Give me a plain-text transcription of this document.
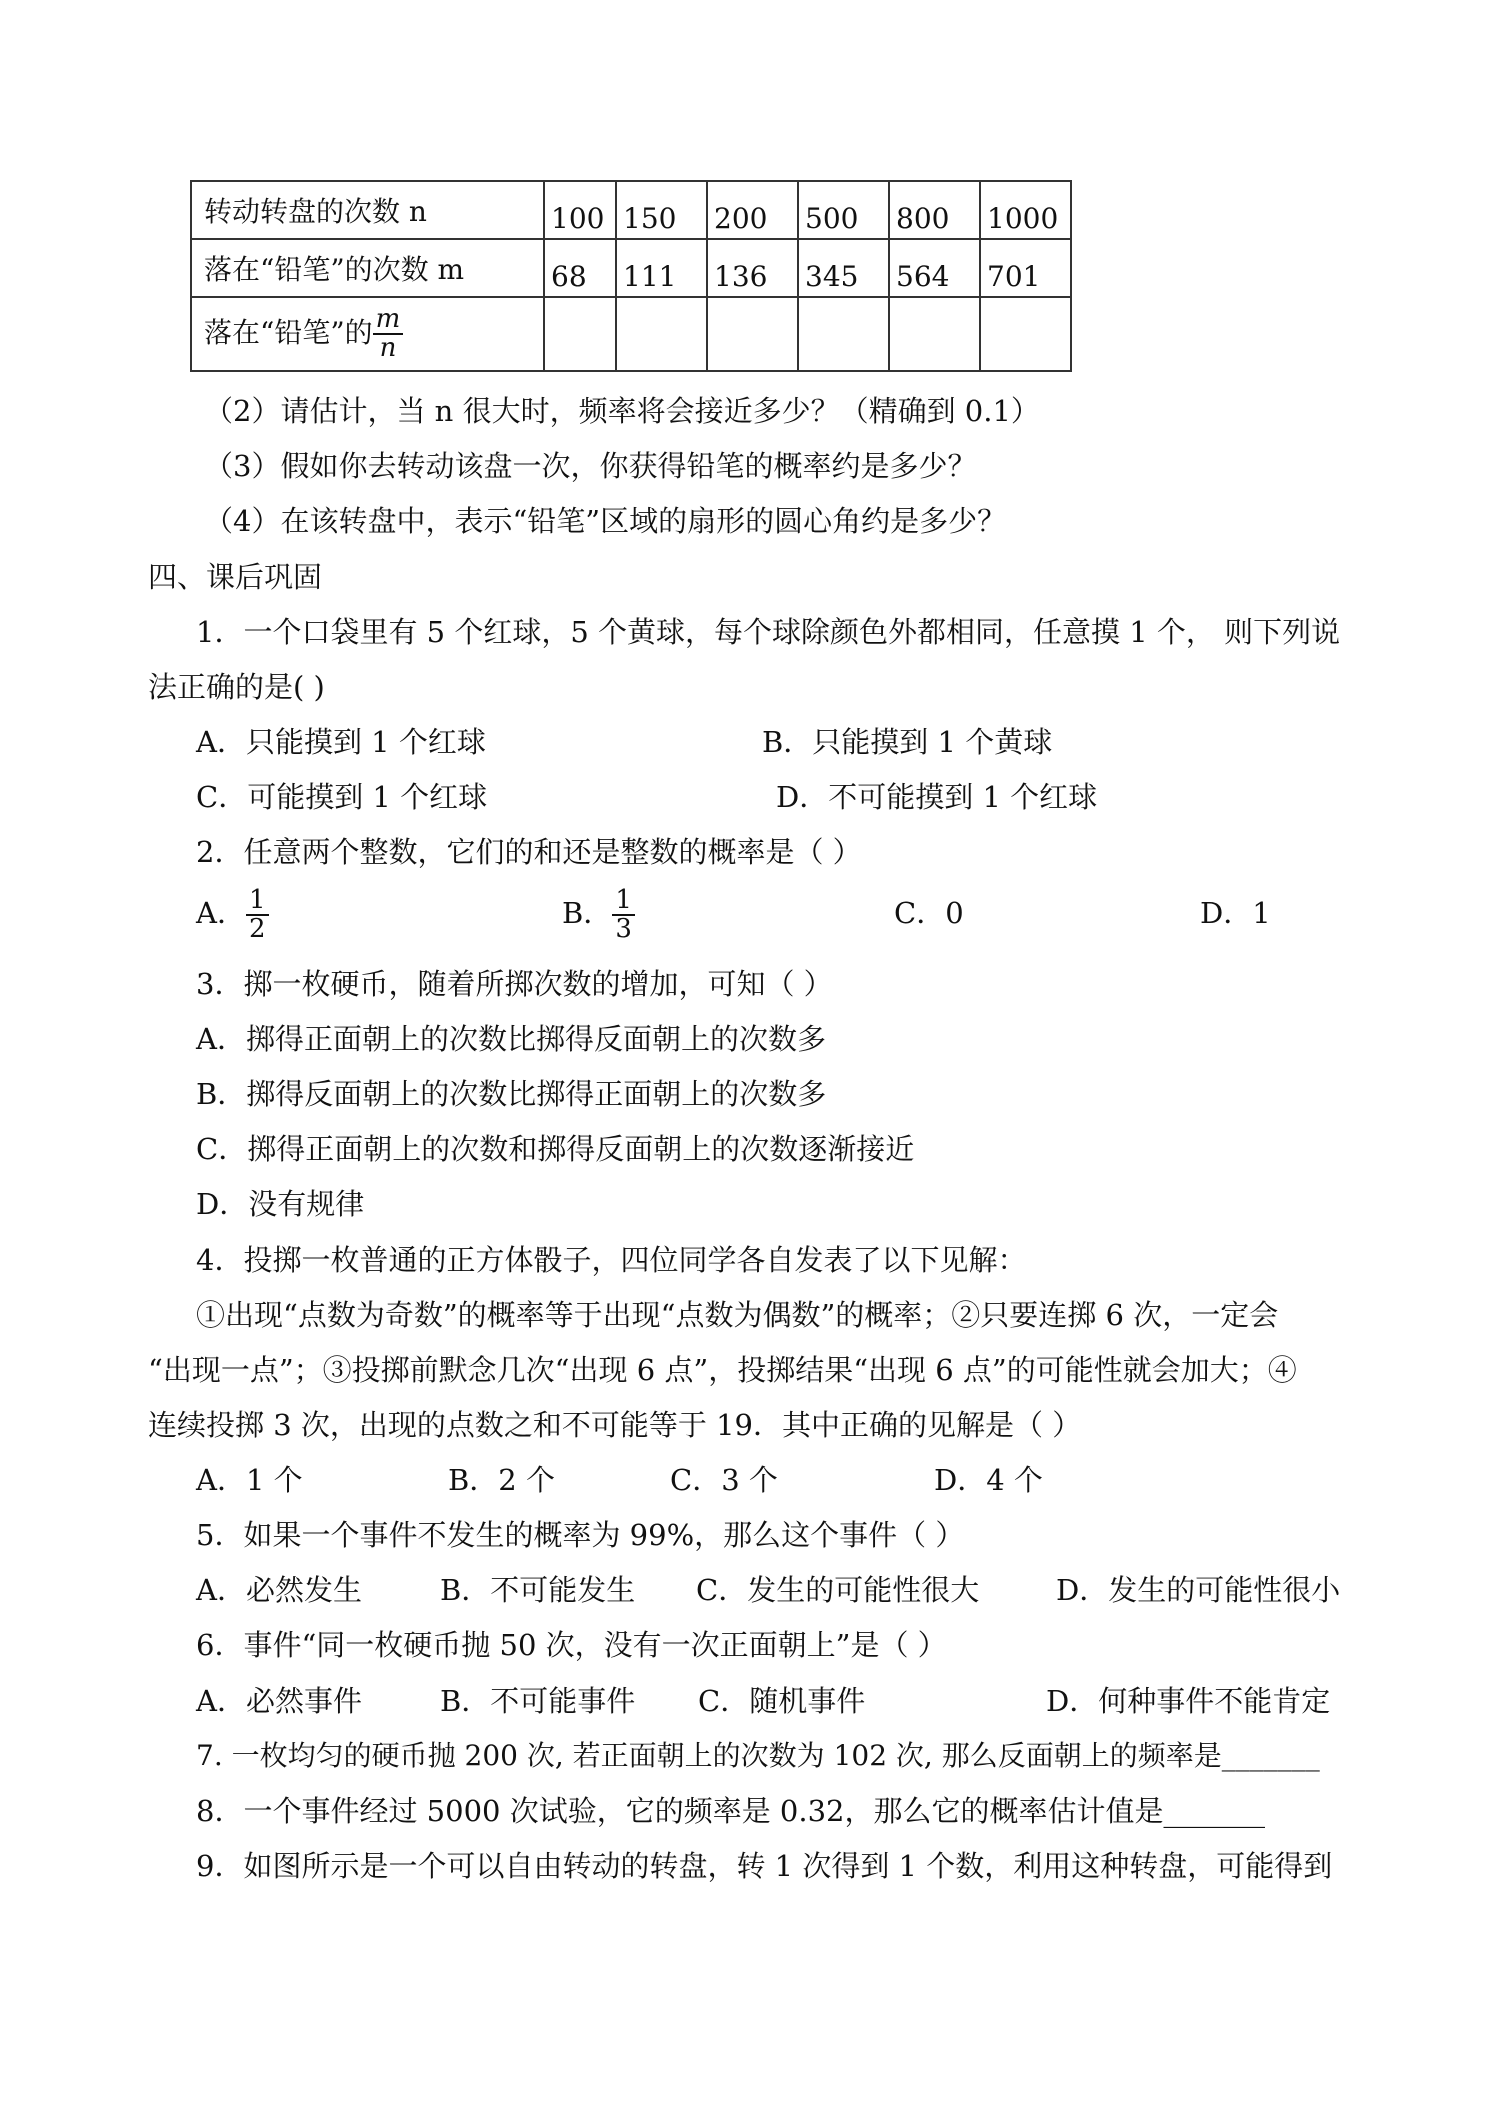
转动转盘的次数 n	100	150	200	500	800	1000
落在“铅笔”的次数 m	68	111	136	345	564	701
落在“铅笔”的 $\frac{m}{n}$

（2）请估计，当 n 很大时，频率将会接近多少？（精确到 0.1）
（3）假如你去转动该盘一次，你获得铅笔的概率约是多少？
（4）在该转盘中，表示“铅笔”区域的扇形的圆心角约是多少？
四、课后巩固
1．一个口袋里有 5 个红球，5 个黄球，每个球除颜色外都相同，任意摸 1 个， 则下列说
法正确的是( )
A．只能摸到 1 个红球	B．只能摸到 1 个黄球
C．可能摸到 1 个红球	D．不可能摸到 1 个红球
2．任意两个整数，它们的和还是整数的概率是（ ）
A． $\frac{1}{2}$	B． $\frac{1}{3}$	C．0	D．1
3．掷一枚硬币，随着所掷次数的增加，可知（ ）
A．掷得正面朝上的次数比掷得反面朝上的次数多
B．掷得反面朝上的次数比掷得正面朝上的次数多
C．掷得正面朝上的次数和掷得反面朝上的次数逐渐接近
D．没有规律
4．投掷一枚普通的正方体骰子，四位同学各自发表了以下见解：
①出现“点数为奇数”的概率等于出现“点数为偶数”的概率；②只要连掷 6 次，一定会
“出现一点”；③投掷前默念几次“出现 6 点”，投掷结果“出现 6 点”的可能性就会加大；④
连续投掷 3 次，出现的点数之和不可能等于 19．其中正确的见解是（ ）
A．1 个	B．2 个	C．3 个	D．4 个
5．如果一个事件不发生的概率为 99%，那么这个事件（ ）
A．必然发生	B．不可能发生 C．发生的可能性很大	D．发生的可能性很小
6．事件“同一枚硬币抛 50 次，没有一次正面朝上”是（ ）
A．必然事件	B．不可能事件 C．随机事件	D．何种事件不能肯定
7. 一枚均匀的硬币抛 200 次, 若正面朝上的次数为 102 次, 那么反面朝上的频率是_______
8．一个事件经过 5000 次试验，它的频率是 0.32，那么它的概率估计值是_______
9．如图所示是一个可以自由转动的转盘，转 1 次得到 1 个数，利用这种转盘，可能得到
